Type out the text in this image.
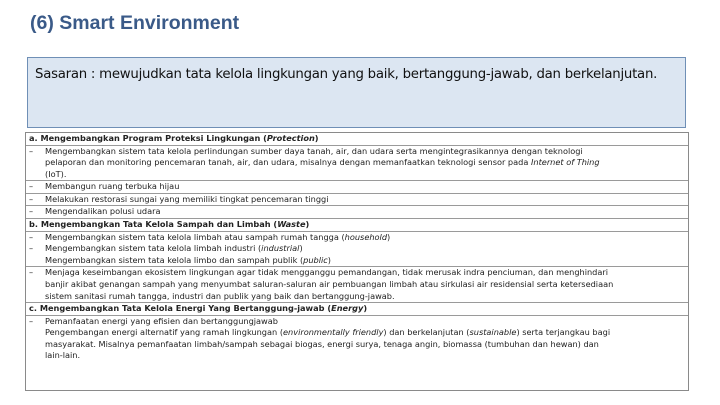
(6) Smart Environment
Sasaran : mewujudkan tata kelola lingkungan yang baik, bertanggung-jawab, dan berkelanjutan.
a. Mengembangkan Program Proteksi Lingkungan (Protection)
–	Mengembangkan sistem tata kelola perlindungan sumber daya tanah, air, dan udara serta mengintegrasikannya dengan teknologi
pelaporan dan monitoring pencemaran tanah, air, dan udara, misalnya dengan memanfaatkan teknologi sensor pada Internet of Thing
(IoT).
–	Membangun ruang terbuka hijau
–	Melakukan restorasi sungai yang memiliki tingkat pencemaran tinggi
–	Mengendalikan polusi udara
b. Mengembangkan Tata Kelola Sampah dan Limbah (Waste)
–	Mengembangkan sistem tata kelola limbah atau sampah rumah tangga (household)
–	Mengembangkan sistem tata kelola limbah industri (industrial)
Mengembangkan sistem tata kelola limbo dan sampah publik (public)
–	Menjaga keseimbangan ekosistem lingkungan agar tidak mengganggu pemandangan, tidak merusak indra penciuman, dan menghindari
banjir akibat genangan sampah yang menyumbat saluran-saluran air pembuangan limbah atau sirkulasi air residensial serta ketersediaan
sistem sanitasi rumah tangga, industri dan publik yang baik dan bertanggung-jawab.
c. Mengembangkan Tata Kelola Energi Yang Bertanggung-jawab (Energy)
–	Pemanfaatan energi yang efisien dan bertanggungjawab
Pengembangan energi alternatif yang ramah lingkungan (environmentally friendly) dan berkelanjutan (sustainable) serta terjangkau bagi
masyarakat. Misalnya pemanfaatan limbah/sampah sebagai biogas, energi surya, tenaga angin, biomassa (tumbuhan dan hewan) dan
lain-lain.
